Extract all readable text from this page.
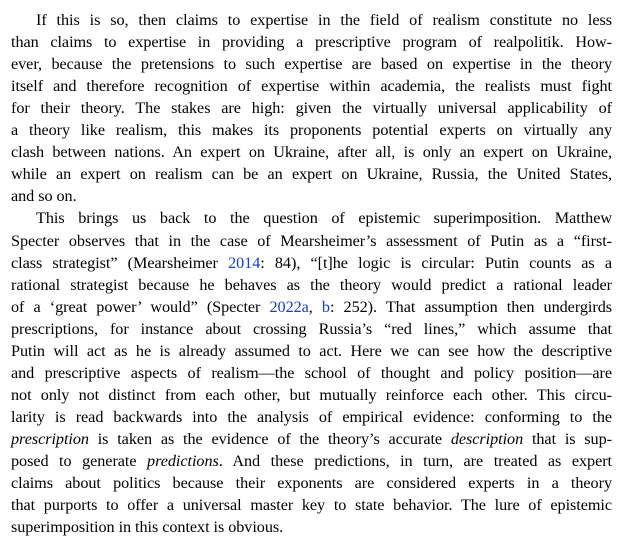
If this is so, then claims to expertise in the field of realism constitute no less
than claims to expertise in providing a prescriptive program of realpolitik. How-
ever, because the pretensions to such expertise are based on expertise in the theory
itself and therefore recognition of expertise within academia, the realists must fight
for their theory. The stakes are high: given the virtually universal applicability of
a theory like realism, this makes its proponents potential experts on virtually any
clash between nations. An expert on Ukraine, after all, is only an expert on Ukraine,
while an expert on realism can be an expert on Ukraine, Russia, the United States,
and so on.
This brings us back to the question of epistemic superimposition. Matthew
Specter observes that in the case of Mearsheimer’s assessment of Putin as a “first-
class strategist” (Mearsheimer 2014: 84), “[t]he logic is circular: Putin counts as a
rational strategist because he behaves as the theory would predict a rational leader
of a ‘great power’ would” (Specter 2022a, b: 252). That assumption then undergirds
prescriptions, for instance about crossing Russia’s “red lines,” which assume that
Putin will act as he is already assumed to act. Here we can see how the descriptive
and prescriptive aspects of realism—the school of thought and policy position—are
not only not distinct from each other, but mutually reinforce each other. This circu-
larity is read backwards into the analysis of empirical evidence: conforming to the
prescription is taken as the evidence of the theory’s accurate description that is sup-
posed to generate predictions. And these predictions, in turn, are treated as expert
claims about politics because their exponents are considered experts in a theory
that purports to offer a universal master key to state behavior. The lure of epistemic
superimposition in this context is obvious.
